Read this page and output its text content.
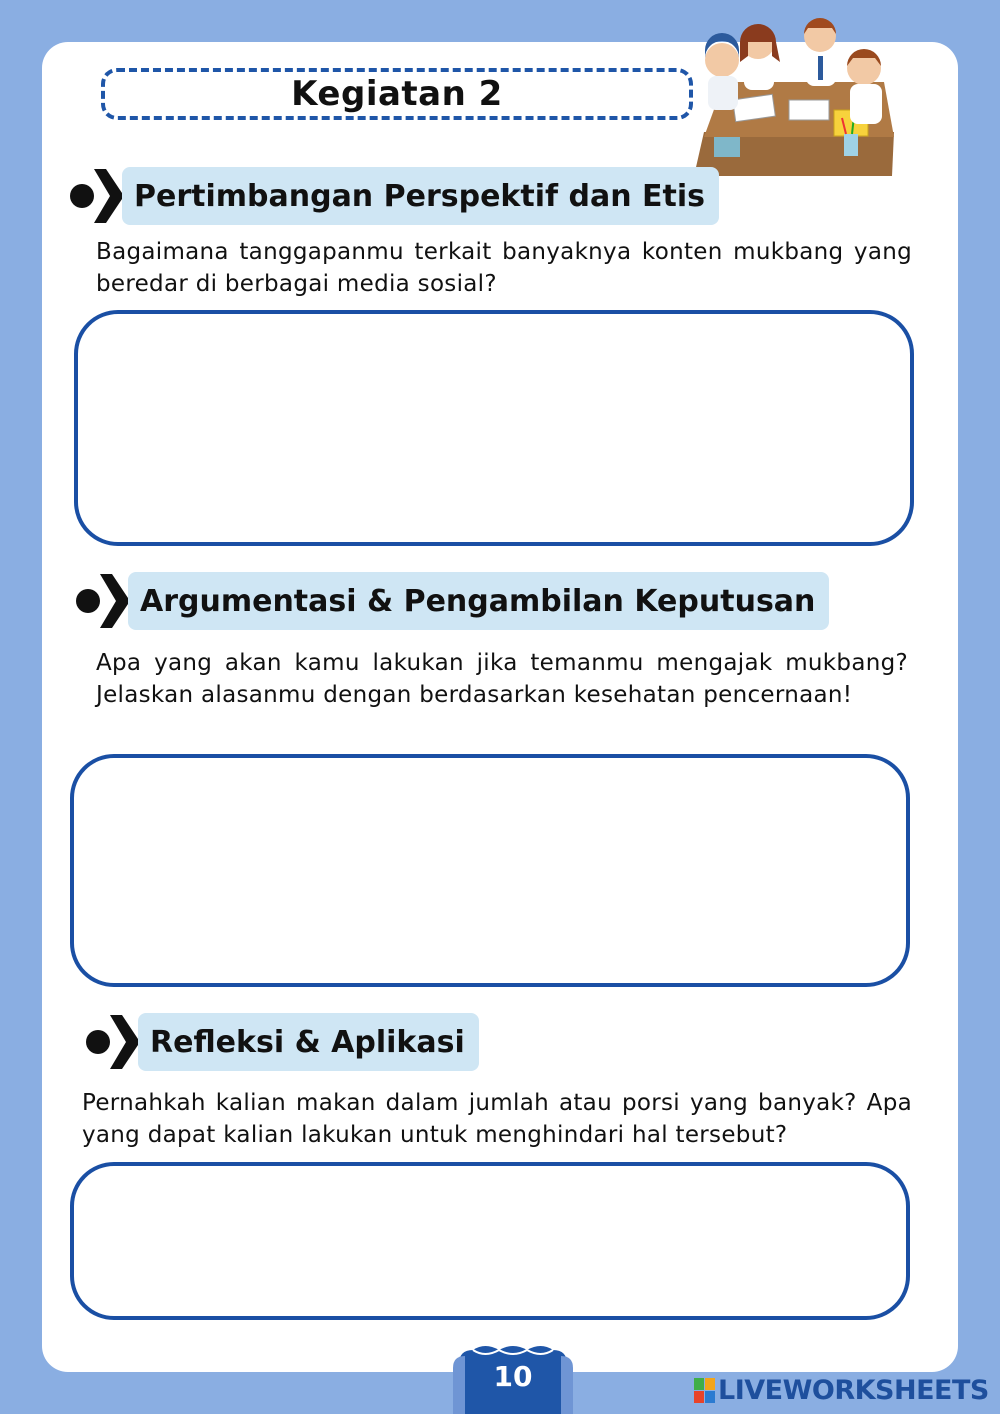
Kegiatan 2
Pertimbangan Perspektif dan Etis
Bagaimana tanggapanmu terkait banyaknya konten mukbang yang beredar di berbagai media sosial?
Argumentasi & Pengambilan Keputusan
Apa yang akan kamu lakukan jika temanmu mengajak mukbang? Jelaskan alasanmu dengan berdasarkan kesehatan pencernaan!
Refleksi & Aplikasi
Pernahkah kalian makan dalam jumlah atau porsi yang banyak? Apa yang dapat kalian lakukan untuk menghindari hal tersebut?
10	LIVEWORKSHEETS
